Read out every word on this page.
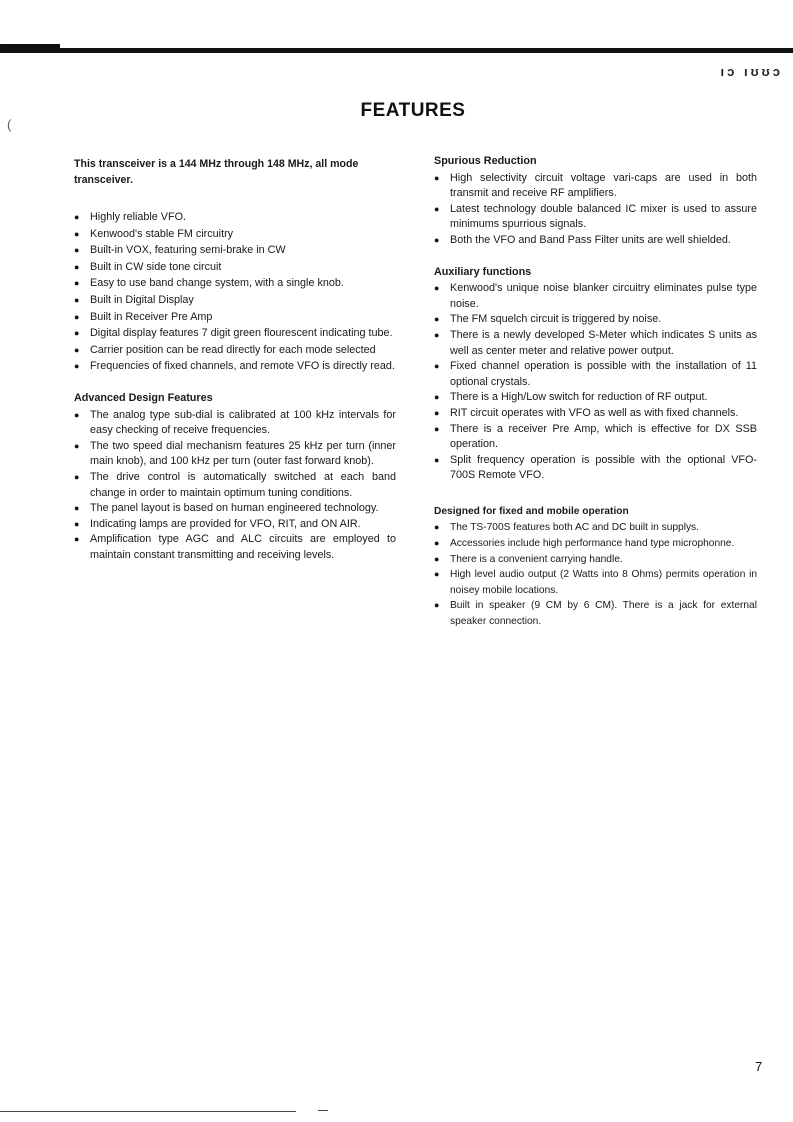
ıɔ ıʊʊɔ
(
FEATURES
This transceiver is a 144 MHz through 148 MHz, all mode transceiver.
● Highly reliable VFO.
● Kenwood's stable FM circuitry
● Built-in VOX, featuring semi-brake in CW
● Built in CW side tone circuit
● Easy to use band change system, with a single knob.
● Built in Digital Display
● Built in Receiver Pre Amp
● Digital display features 7 digit green flourescent indicating tube.
● Carrier position can be read directly for each mode selected
● Frequencies of fixed channels, and remote VFO is directly read.
Advanced Design Features
● The analog type sub-dial is calibrated at 100 kHz intervals for easy checking of receive frequencies.
● The two speed dial mechanism features 25 kHz per turn (inner main knob), and 100 kHz per turn (outer fast forward knob).
● The drive control is automatically switched at each band change in order to maintain optimum tuning conditions.
● The panel layout is based on human engineered technology.
● Indicating lamps are provided for VFO, RIT, and ON AIR.
● Amplification type AGC and ALC circuits are employed to maintain constant transmitting and receiving levels.
Spurious Reduction
● High selectivity circuit voltage vari-caps are used in both transmit and receive RF amplifiers.
● Latest technology double balanced IC mixer is used to assure minimums spurrious signals.
● Both the VFO and Band Pass Filter units are well shielded.
Auxiliary functions
● Kenwood's unique noise blanker circuitry eliminates pulse type noise.
● The FM squelch circuit is triggered by noise.
● There is a newly developed S-Meter which indicates S units as well as center meter and relative power output.
● Fixed channel operation is possible with the installation of 11 optional crystals.
● There is a High/Low switch for reduction of RF output.
● RIT circuit operates with VFO as well as with fixed channels.
● There is a receiver Pre Amp, which is effective for DX SSB operation.
● Split frequency operation is possible with the optional VFO-700S Remote VFO.
Designed for fixed and mobile operation
● The TS-700S features both AC and DC built in supplys.
● Accessories include high performance hand type microphonne.
● There is a convenient carrying handle.
● High level audio output (2 Watts into 8 Ohms) permits operation in noisey mobile locations.
● Built in speaker (9 CM by 6 CM). There is a jack for external speaker connection.
7
